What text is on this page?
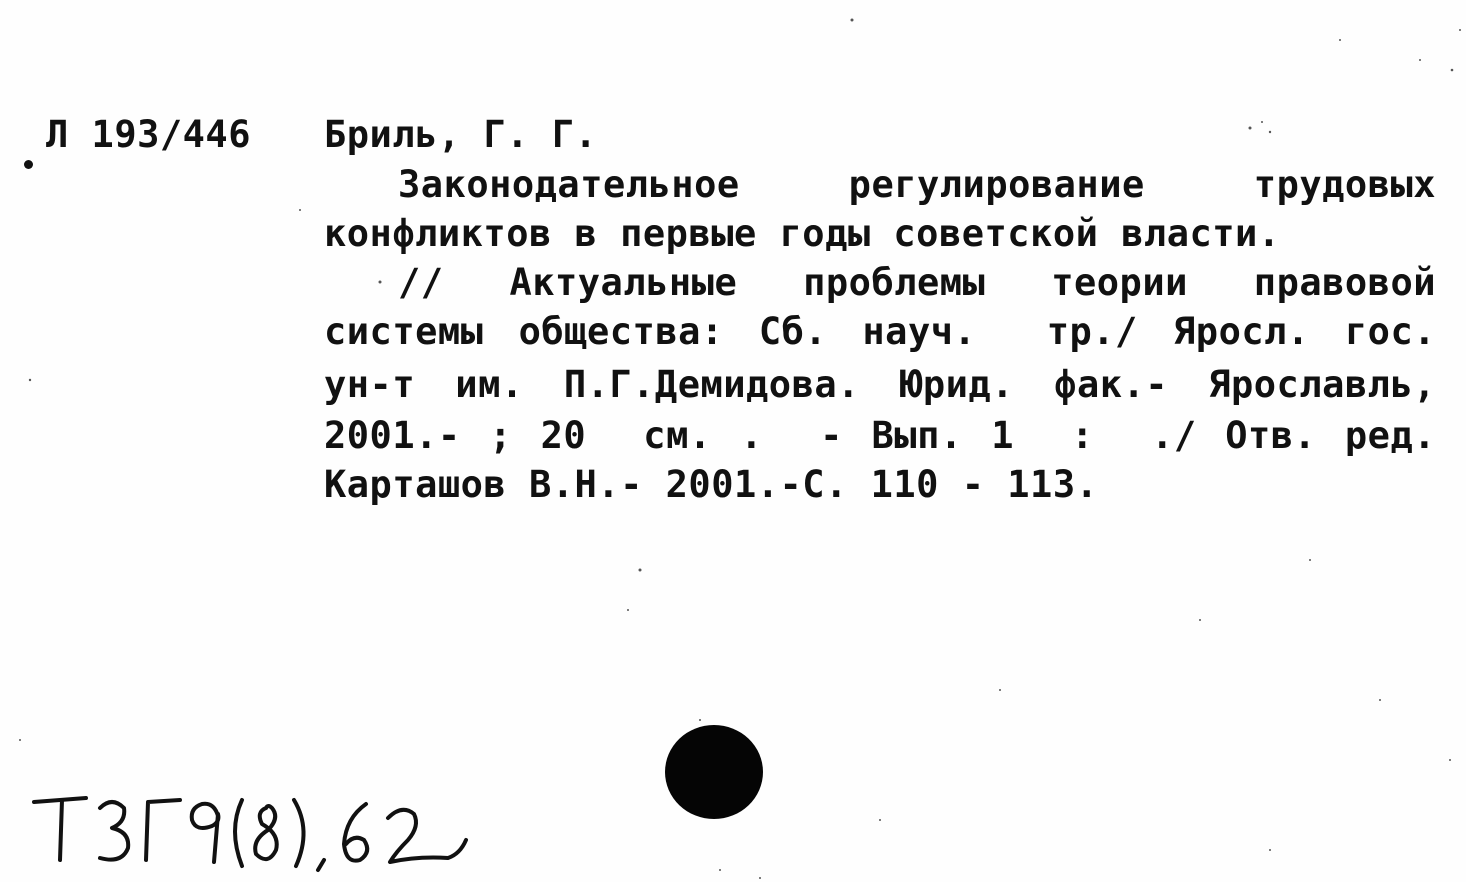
Л 193/446 Бриль, Г. Г.
Законодательное регулирование трудовых
конфликтов в первые годы советской власти.
// Актуальные проблемы теории правовой
системы общества: Сб. науч.  тр./ Яросл. гос.
ун-т им. П.Г.Демидова. Юрид. фак.- Ярославль,
2001.- ; 20  см. .  - Вып. 1  :  ./ Отв. ред.
Карташов В.Н.- 2001.-С. 110 - 113.
